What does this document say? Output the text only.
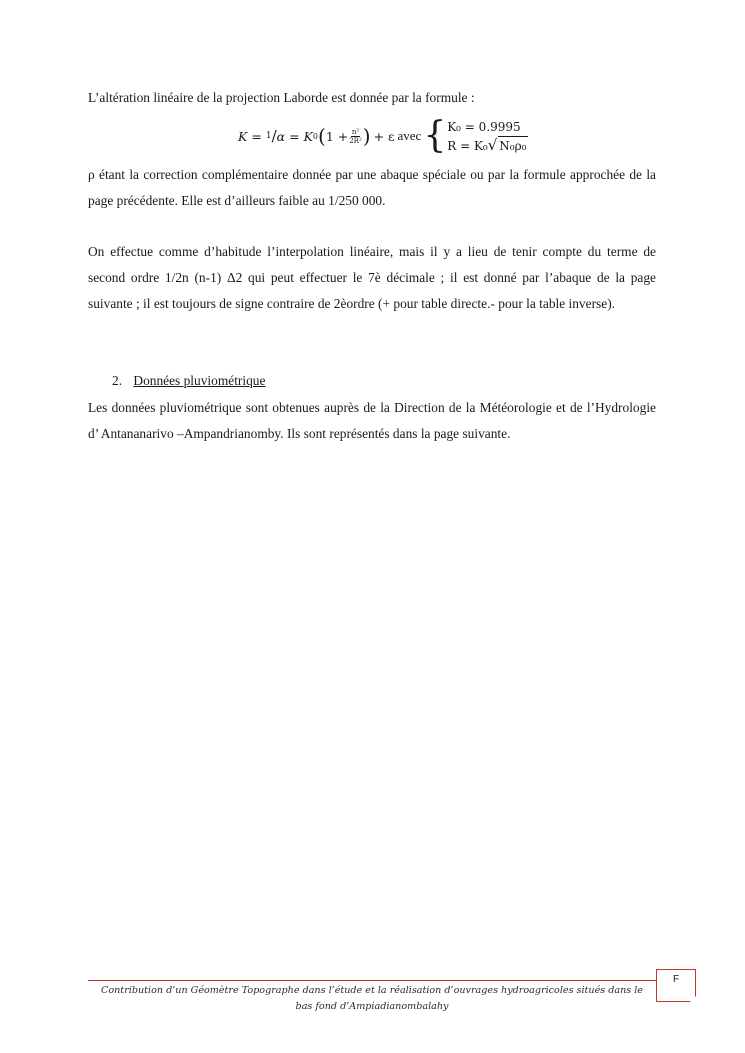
L’altération linéaire de la projection Laborde est donnée par la formule :
K = 1 / α = K 0 ( $1 + \frac{\text{n²}}{\text{2R²}}$ ) + ε avec { K₀ = 0.9995
R = K₀√ N₀ρ₀
ρ étant la correction complémentaire donnée par une abaque spéciale ou par la formule approchée de la page précédente. Elle est d’ailleurs faible au 1/250 000.
On effectue comme d’habitude l’interpolation linéaire, mais il y a lieu de tenir compte du terme de second ordre 1/2n (n-1) Δ2 qui peut effectuer le 7è décimale ; il est donné par l’abaque de la page suivante ; il est toujours de signe contraire de 2èordre (+ pour table directe.- pour la table inverse).
2. Données pluviométrique
Les données pluviométrique sont obtenues auprès de la Direction de la Météorologie et de l’Hydrologie d’ Antananarivo –Ampandrianomby. Ils sont représentés dans la page suivante.
Contribution d’un Géomètre Topographe dans l’étude et la réalisation d’ouvrages hydroagricoles situés dans le bas fond d’Ampiadianombalahy
F
